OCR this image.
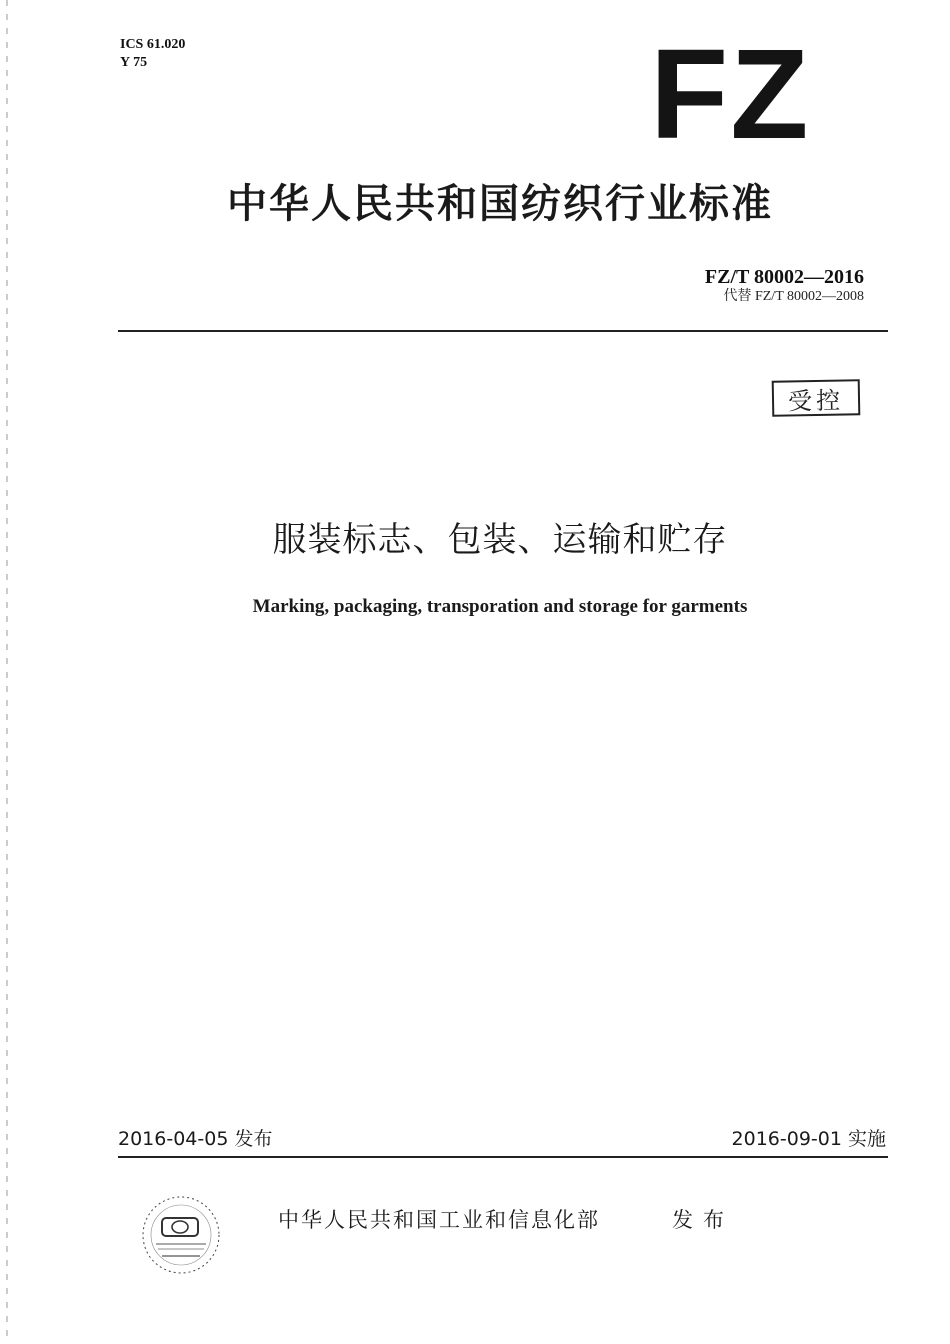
ICS 61.020
Y 75	FZ
中华人民共和国纺织行业标准
FZ/T 80002—2016
代替 FZ/T 80002—2008
受控
服装标志、包装、运输和贮存
Marking, packaging, transporation and storage for garments
2016-04-05 发布	2016-09-01 实施
中华人民共和国工业和信息化部	发布
